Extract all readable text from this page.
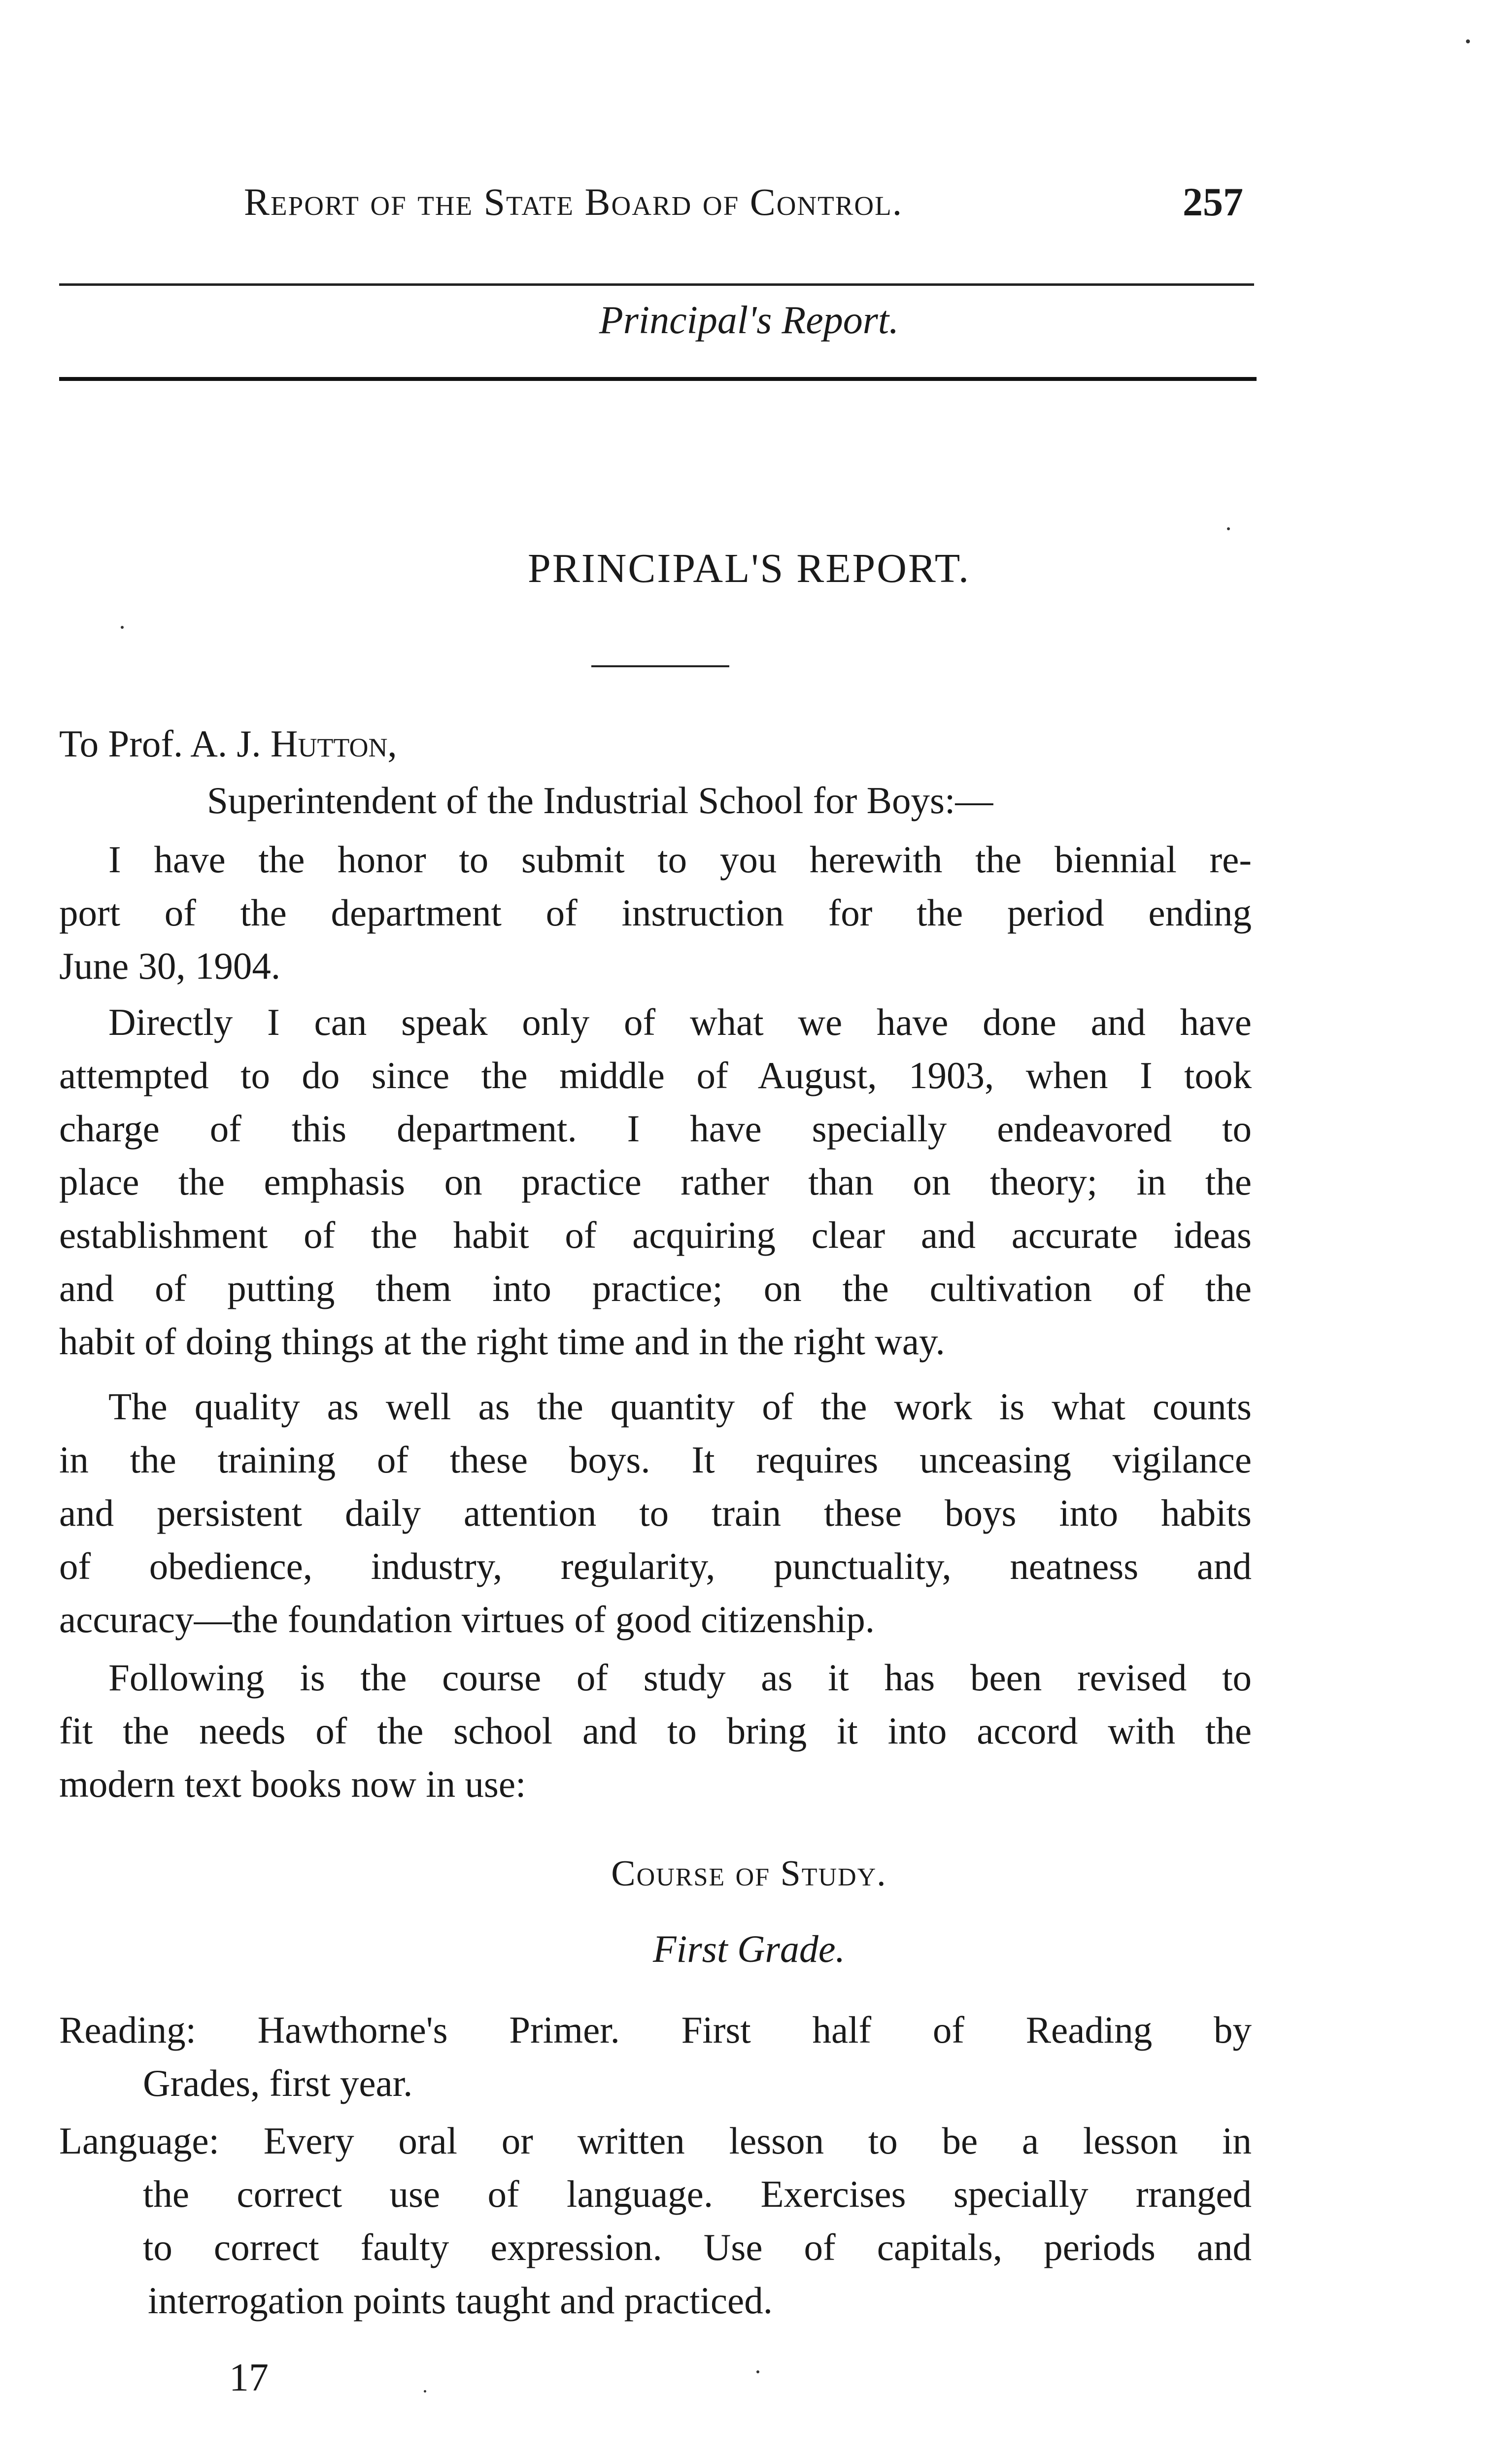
Report of the State Board of Control.	257
Principal's Report.
PRINCIPAL'S REPORT.
To Prof. A. J. Hutton,
Superintendent of the Industrial School for Boys:—
I have the honor to submit to you herewith the biennial re-
port of the department of instruction for the period ending
June 30, 1904.
Directly I can speak only of what we have done and have
attempted to do since the middle of August, 1903, when I took
charge of this department. I have specially endeavored to
place the emphasis on practice rather than on theory; in the
establishment of the habit of acquiring clear and accurate ideas
and of putting them into practice; on the cultivation of the
habit of doing things at the right time and in the right way.
The quality as well as the quantity of the work is what counts
in the training of these boys. It requires unceasing vigilance
and persistent daily attention to train these boys into habits
of obedience, industry, regularity, punctuality, neatness and
accuracy—the foundation virtues of good citizenship.
Following is the course of study as it has been revised to
fit the needs of the school and to bring it into accord with the
modern text books now in use:
Course of Study.
First Grade.
Reading: Hawthorne's Primer. First half of Reading by
Grades, first year.
Language: Every oral or written lesson to be a lesson in
the correct use of language. Exercises specially rranged
to correct faulty expression. Use of capitals, periods and
interrogation points taught and practiced.
17
